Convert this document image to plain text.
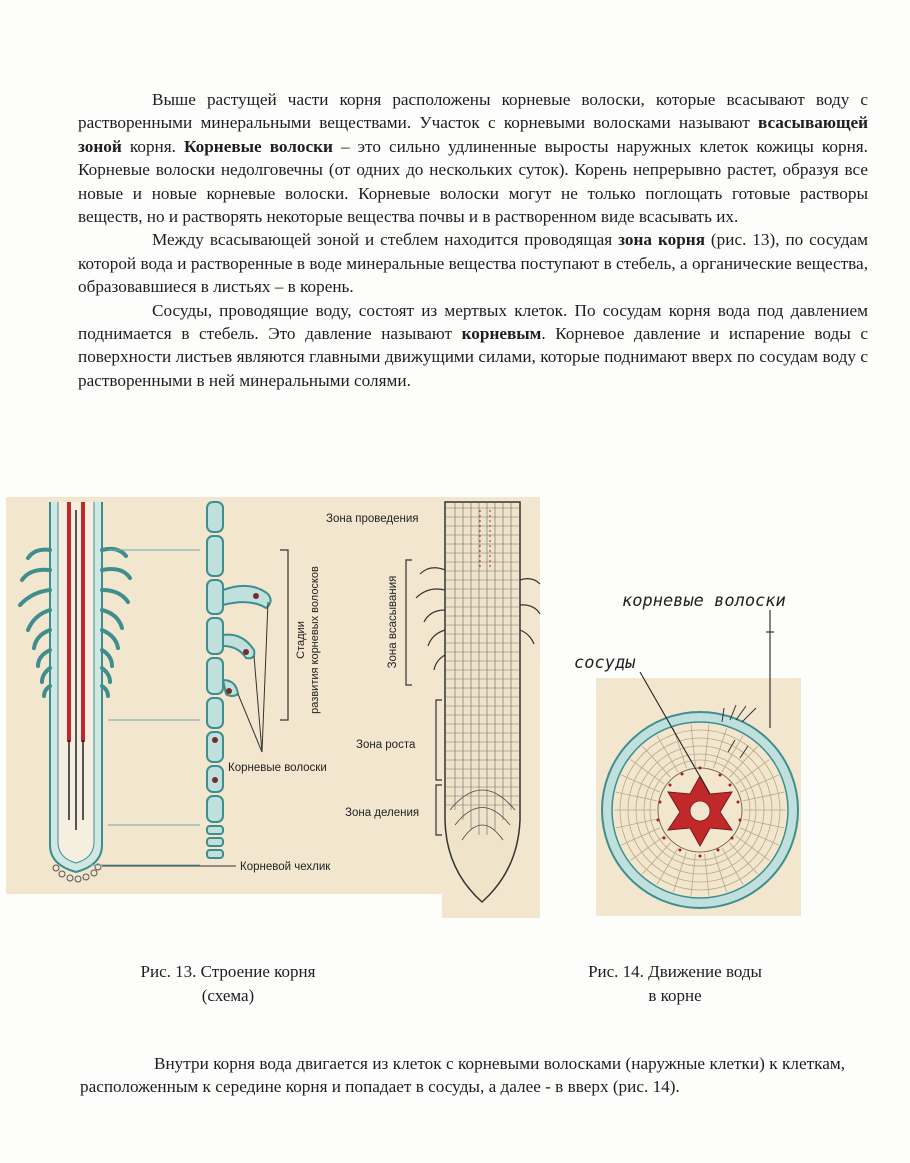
Выше растущей части корня расположены корневые волоски, которые всасывают воду с растворенными минеральными веществами. Участок с корневыми волосками называют всасывающей зоной корня. Корневые волоски – это сильно удлиненные выросты наружных клеток кожицы корня. Корневые волоски недолговечны (от одних до нескольких суток). Корень непрерывно растет, образуя все новые и новые корневые волоски. Корневые волоски могут не только поглощать готовые растворы веществ, но и растворять некоторые вещества почвы и в растворенном виде всасывать их.

Между всасывающей зоной и стеблем находится проводящая зона корня (рис. 13), по сосудам которой вода и растворенные в воде минеральные вещества поступают в стебель, а органические вещества, образовавшиеся в листьях – в корень.

Сосуды, проводящие воду, состоят из мертвых клеток. По сосудам корня вода под давлением поднимается в стебель. Это давление называют корневым. Корневое давление и испарение воды с поверхности листьев являются главными движущими силами, которые поднимают вверх по сосудам воду с растворенными в ней минеральными солями.

Стадии развития корневых волосков
Корневые волоски
Корневой чехлик
Зона проведения
Зона всасывания
Зона роста
Зона деления
корневые волоски
сосуды
Рис. 13. Строение корня
(схема)
Рис. 14. Движение воды
в корне

Внутри корня вода двигается из клеток с корневыми волосками (наружные клетки) к клеткам, расположенным к середине корня и попадает в сосуды, а далее - в вверх (рис. 14).
